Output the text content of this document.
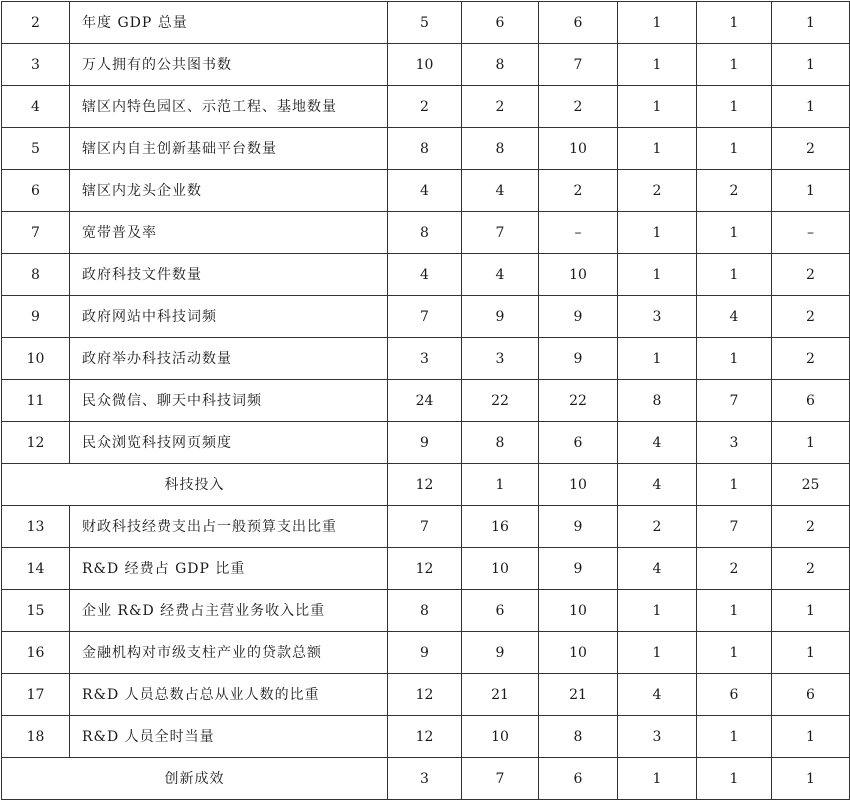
2	年度 GDP 总量	5	6	6	1	1	1
3	万人拥有的公共图书数	10	8	7	1	1	1
4	辖区内特色园区、示范工程、基地数量	2	2	2	1	1	1
5	辖区内自主创新基础平台数量	8	8	10	1	1	2
6	辖区内龙头企业数	4	4	2	2	2	1
7	宽带普及率	8	7	–	1	1	–
8	政府科技文件数量	4	4	10	1	1	2
9	政府网站中科技词频	7	9	9	3	4	2
10	政府举办科技活动数量	3	3	9	1	1	2
11	民众微信、聊天中科技词频	24	22	22	8	7	6
12	民众浏览科技网页频度	9	8	6	4	3	1
科技投入		12	1	10	4	1	25
13	财政科技经费支出占一般预算支出比重	7	16	9	2	7	2
14	R&D 经费占 GDP 比重	12	10	9	4	2	2
15	企业 R&D 经费占主营业务收入比重	8	6	10	1	1	1
16	金融机构对市级支柱产业的贷款总额	9	9	10	1	1	1
17	R&D 人员总数占总从业人数的比重	12	21	21	4	6	6
18	R&D 人员全时当量	12	10	8	3	1	1
创新成效		3	7	6	1	1	1
